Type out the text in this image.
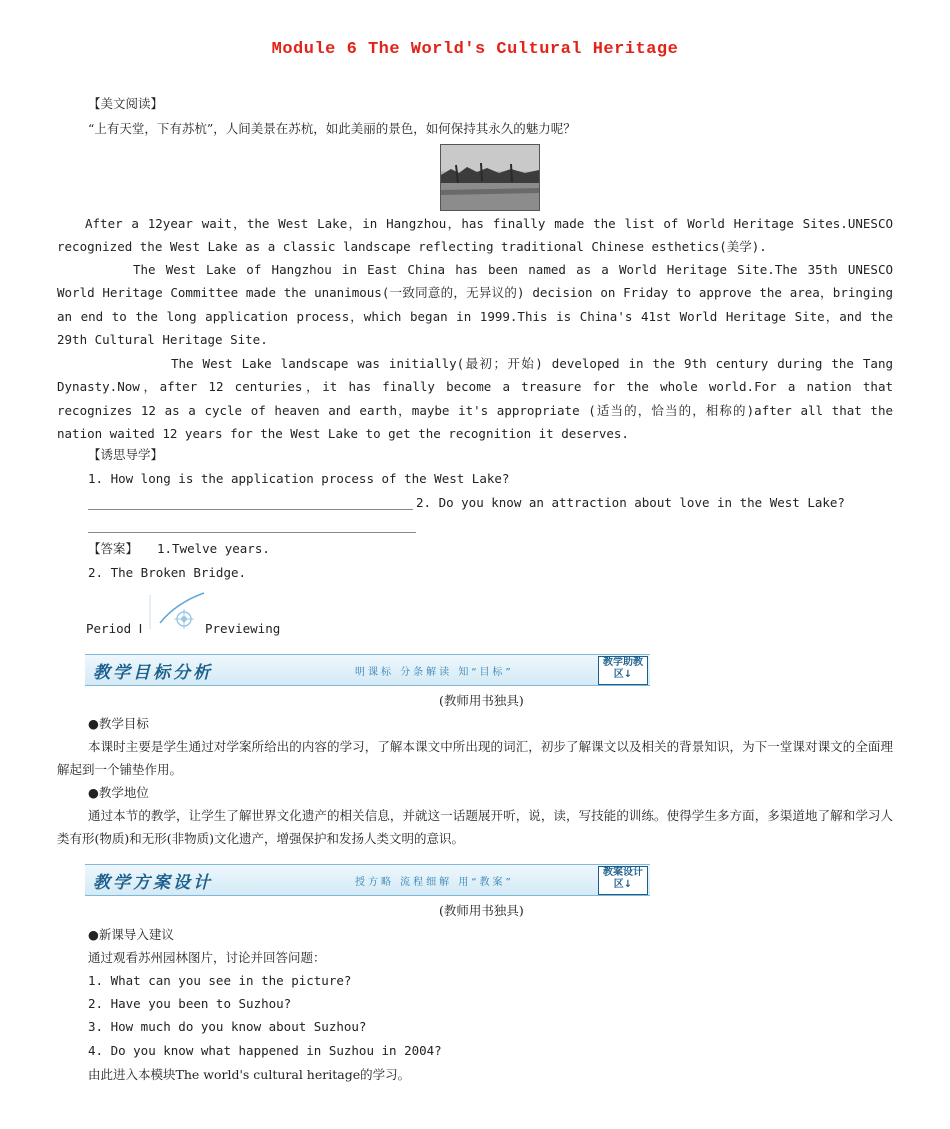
Module 6 The World's Cultural Heritage
【美文阅读】
“上有天堂，下有苏杭”，人间美景在苏杭，如此美丽的景色，如何保持其永久的魅力呢？
After a 12year wait，the West Lake，in Hangzhou，has finally made the list of World Heritage Sites.UNESCO recognized the West Lake as a classic landscape reflecting traditional Chinese esthetics(美学).
The West Lake of Hangzhou in East China has been named as a World Heritage Site.The 35th UNESCO World Heritage Committee made the unanimous(一致同意的，无异议的) decision on Friday to approve the area，bringing an end to the long application process，which began in 1999.This is China's 41st World Heritage Site，and the 29th Cultural Heritage Site.
The West Lake landscape was initially(最初；开始) developed in the 9th century during the Tang Dynasty.Now，after 12 centuries，it has finally become a treasure for the whole world.For a nation that recognizes 12 as a cycle of heaven and earth，maybe it's appropriate (适当的，恰当的，相称的)after all that the nation waited 12 years for the West Lake to get the recognition it deserves.
【诱思导学】
1. How long is the application process of the West Lake?
2. Do you know an attraction about love in the West Lake?
【答案】 1.Twelve years.
2. The Broken Bridge.
Period Ⅰ	Previewing
教学目标分析	明课标 分条解读 知“目标”
教学助教区↓
(教师用书独具)
●教学目标
本课时主要是学生通过对学案所给出的内容的学习，了解本课文中所出现的词汇，初步了解课文以及相关的背景知识，为下一堂课对课文的全面理解起到一个铺垫作用。
●教学地位
通过本节的教学，让学生了解世界文化遗产的相关信息，并就这一话题展开听，说，读，写技能的训练。使得学生多方面，多渠道地了解和学习人类有形(物质)和无形(非物质)文化遗产，增强保护和发扬人类文明的意识。
教学方案设计	授方略 流程细解 用“教案”
教案设计区↓
(教师用书独具)
●新课导入建议
通过观看苏州园林图片，讨论并回答问题：
1. What can you see in the picture?
2. Have you been to Suzhou?
3. How much do you know about Suzhou?
4. Do you know what happened in Suzhou in 2004?
由此进入本模块The world's cultural heritage的学习。
